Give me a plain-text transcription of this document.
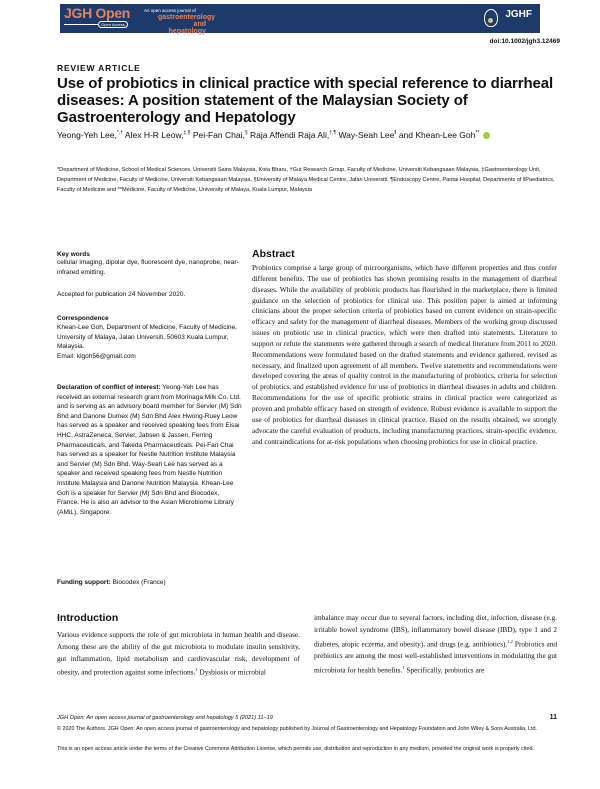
JGH Open
Open Access
An open access journal of
gastroenterology and hepatology
JGHF
doi:10.1002/jgh3.12469
REVIEW ARTICLE
Use of probiotics in clinical practice with special reference to diarrheal diseases: A position statement of the Malaysian Society of Gastroenterology and Hepatology
Yeong-Yeh Lee,*,† Alex H-R Leow,‡,§ Pei-Fan Chai,§ Raja Affendi Raja Ali,†,¶ Way-Seah Lee‖ and Khean-Lee Goh**
*Department of Medicine, School of Medical Sciences, Universiti Sains Malaysia, Kota Bharu, †Gut Research Group, Faculty of Medicine, Universiti Kebangsaan Malaysia, ‡Gastroenterology Unit, Department of Medicine, Faculty of Medicine, Universiti Kebangsaan Malaysia, §University of Malaya Medical Centre, Jalan Universiti, ¶Endoscopy Centre, Pantai Hospital, Departments of ‖Paediatrics, Faculty of Medicine and **Medicine, Faculty of Medicine, University of Malaya, Kuala Lumpur, Malaysia
Key words
cellular imaging, dipolar dye, fluorescent dye, nanoprobe, near-infrared emitting.
Accepted for publication 24 November 2020.
Correspondence
Khean-Lee Goh, Department of Medicine, Faculty of Medicine, University of Malaya, Jalan Universiti, 50603 Kuala Lumpur, Malaysia.
Email: klgoh56@gmail.com
Declaration of conflict of interest: Yeong-Yeh Lee has received an external research grant from Morinaga Milk Co. Ltd. and is serving as an advisory board member for Servier (M) Sdn Bhd and Danone Dumex (M) Sdn Bhd Alex Hwong-Ruey Leow has served as a speaker and received speaking fees from Eisai HHC, AstraZeneca, Servier, Jabsen & Jassen, Ferring Pharmaceuticals, and Takeda Pharmaceuticals. Pei-Fan Chai has served as a speaker for Nestle Nutrition Institute Malaysia and Servier (M) Sdn Bhd. Way-Seah Lee has served as a speaker and received speaking fees from Nestle Nutrition Institute Malaysia and Danone Nutrition Malaysia. Khean-Lee Goh is a speaker for Servier (M) Sdn Bhd and Biocodex, France. He is also an advisor to the Asian Microbiome Library (AMiL), Singapore.
Funding support: Biocodex (France)
Abstract

Probiotics comprise a large group of microorganisms, which have different properties and thus confer different benefits. The use of probiotics has shown promising results in the management of diarrheal diseases. While the availability of probiotic products has flourished in the marketplace, there is limited guidance on the selection of probiotics for clinical use. This position paper is aimed at informing clinicians about the proper selection criteria of probiotics based on current evidence on strain-specific efficacy and safety for the management of diarrheal diseases. Members of the working group discussed issues on probiotic use in clinical practice, which were then drafted into statements. Literature to support or refute the statements were gathered through a search of medical literature from 2011 to 2020. Recommendations were formulated based on the drafted statements and evidence gathered, revised as necessary, and finalized upon agreement of all members. Twelve statements and recommendations were developed covering the areas of quality control in the manufacturing of probiotics, criteria for selection of probiotics, and established evidence for use of probiotics in diarrheal diseases in adults and children. Recommendations for the use of specific probiotic strains in clinical practice were categorized as proven and probable efficacy based on strength of evidence. Robust evidence is available to support the use of probiotics for diarrheal diseases in clinical practice. Based on the results obtained, we strongly advocate the careful evaluation of products, including manufacturing practices, strain-specific evidence, and contraindications for at-risk populations when choosing probiotics for use in clinical practice.

Introduction

Various evidence supports the role of gut microbiota in human health and disease. Among these are the ability of the gut microbiota to modulate insulin sensitivity, gut inflammation, lipid metabolism and cardiovascular risk, development of obesity, and protection against some infections.$^1$ Dysbiosis or microbial

imbalance may occur due to several factors, including diet, infection, disease (e.g. irritable bowel syndrome (IBS), inflammatory bowel disease (IBD), type 1 and 2 diabetes, atopic eczema, and obesity), and drugs (e.g. antibiotics).$^{1,2}$ Probiotics and prebiotics are among the most well-established interventions in modulating the gut microbiota for health benefits.$^1$ Specifically, probiotics are

JGH Open: An open access journal of gastroenterology and hepatology 5 (2021) 11–19	11
© 2020 The Authors. JGH Open: An open access journal of gastroenterology and hepatology published by Journal of Gastroenterology and Hepatology Foundation and John Wiley & Sons Australia, Ltd.
This is an open access article under the terms of the Creative Commons Attribution License, which permits use, distribution and reproduction in any medium, provided the original work is properly cited.
